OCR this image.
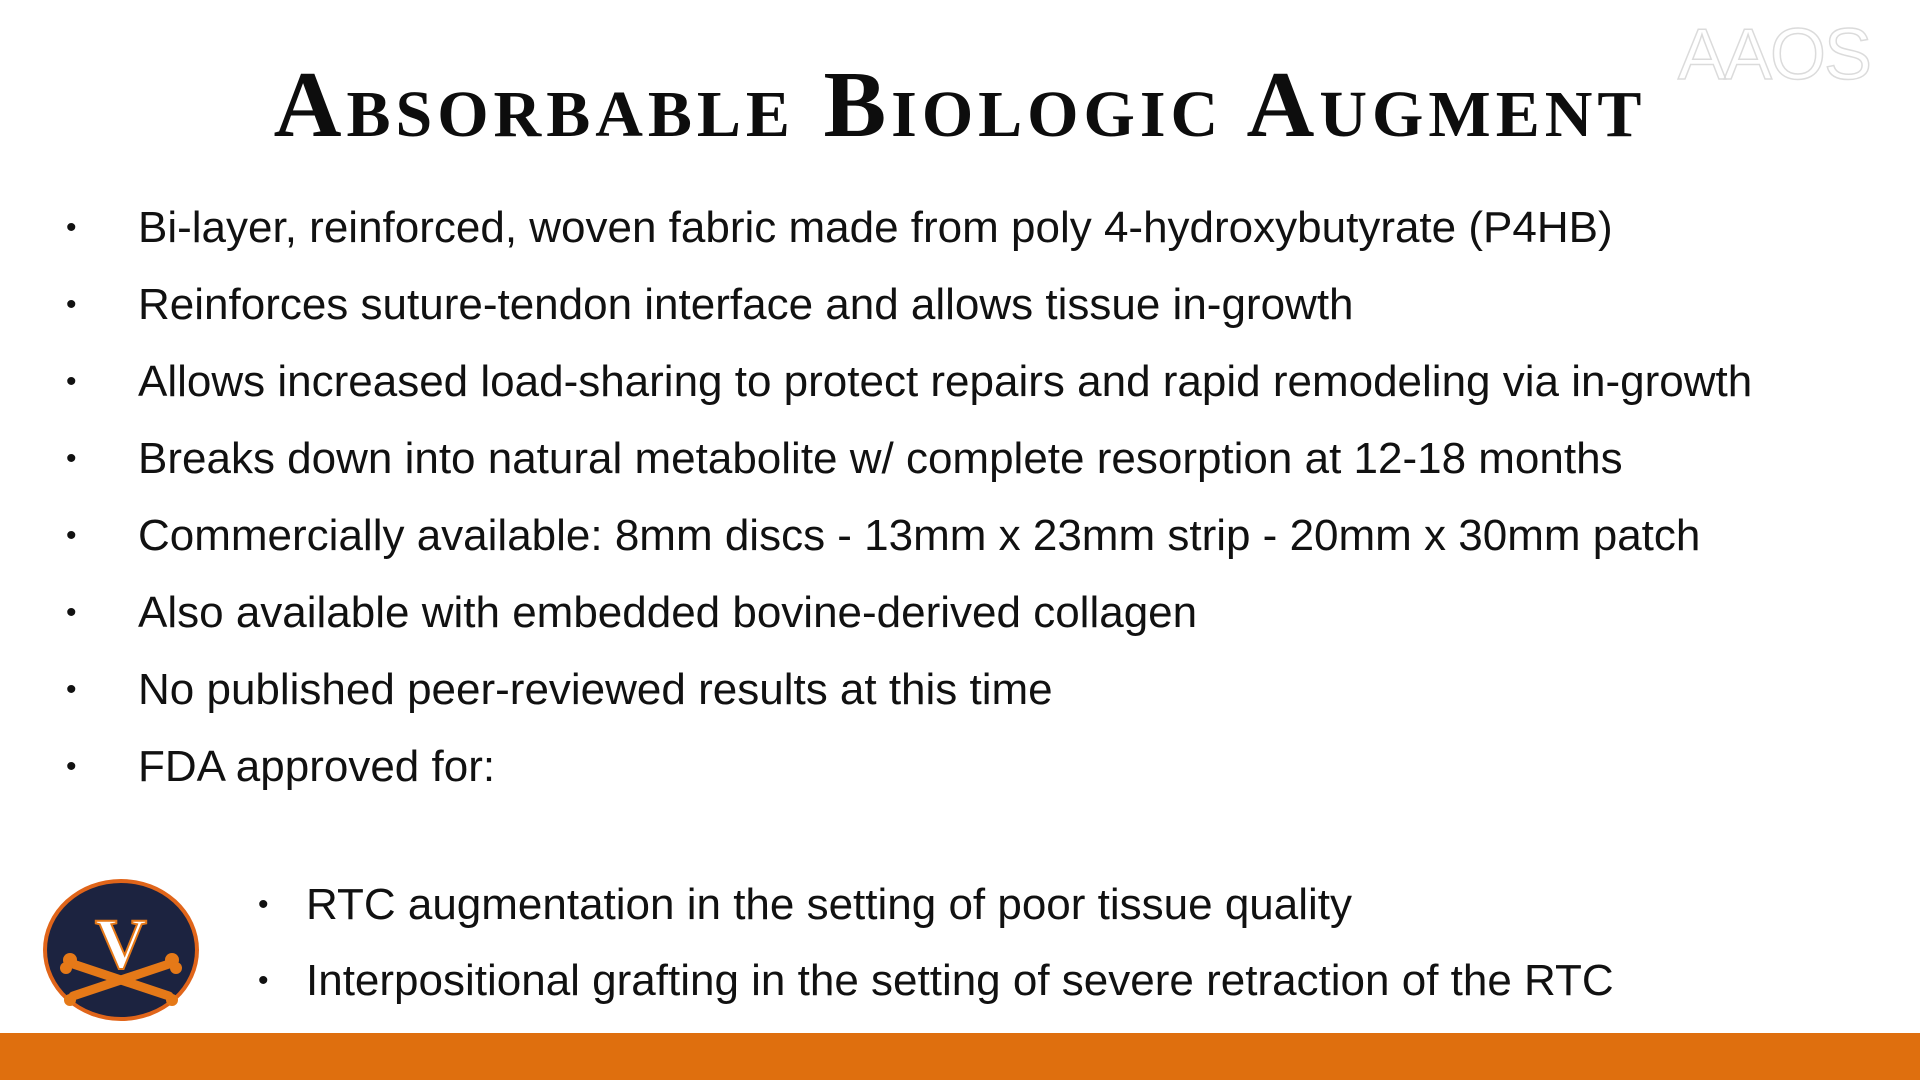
AAOS
Absorbable Biologic Augment
• Bi-layer, reinforced, woven fabric made from poly 4-hydroxybutyrate (P4HB)
• Reinforces suture-tendon interface and allows tissue in-growth
• Allows increased load-sharing to protect repairs and rapid remodeling via in-growth
• Breaks down into natural metabolite w/ complete resorption at 12-18 months
• Commercially available: 8mm discs - 13mm x 23mm strip - 20mm x 30mm patch
• Also available with embedded bovine-derived collagen
• No published peer-reviewed results at this time
• FDA approved for:
• RTC augmentation in the setting of poor tissue quality
• Interpositional grafting in the setting of severe retraction of the RTC
V
